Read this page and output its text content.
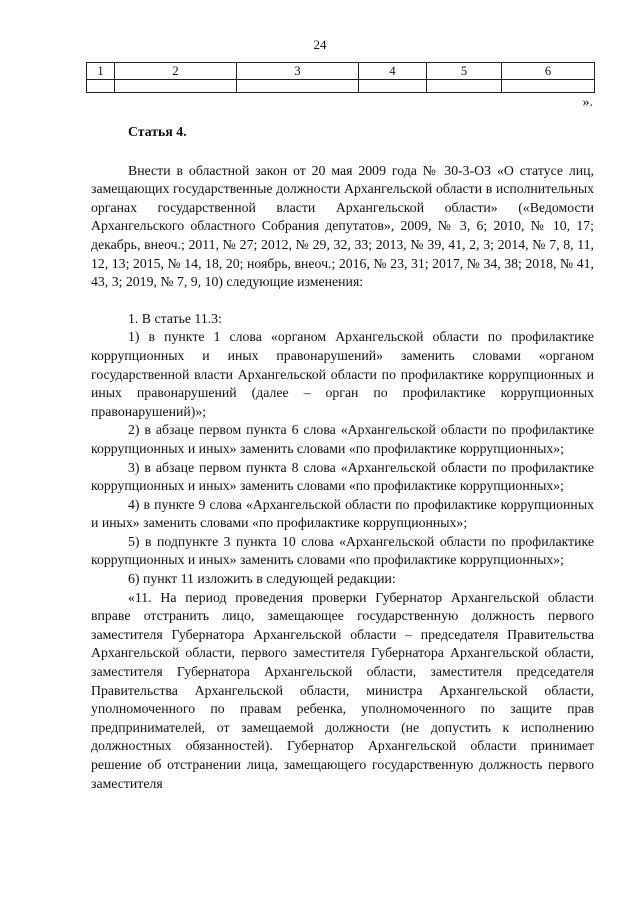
24
1	2	3	4	5	6

».

Статья 4.

Внести в областной закон от 20 мая 2009 года № 30-3-ОЗ «О статусе лиц, замещающих государственные должности Архангельской области в исполнительных органах государственной власти Архангельской области» («Ведомости Архангельского областного Собрания депутатов», 2009, № 3, 6; 2010, № 10, 17; декабрь, внеоч.; 2011, № 27; 2012, № 29, 32, 33; 2013, № 39, 41, 2, 3; 2014, № 7, 8, 11, 12, 13; 2015, № 14, 18, 20; ноябрь, внеоч.; 2016, № 23, 31; 2017, № 34, 38; 2018, № 41, 43, 3; 2019, № 7, 9, 10) следующие изменения:

1. В статье 11.3:

1) в пункте 1 слова «органом Архангельской области по профилактике коррупционных и иных правонарушений» заменить словами «органом государственной власти Архангельской области по профилактике коррупционных и иных правонарушений (далее – орган по профилактике коррупционных правонарушений)»;

2) в абзаце первом пункта 6 слова «Архангельской области по профилактике коррупционных и иных» заменить словами «по профилактике коррупционных»;

3) в абзаце первом пункта 8 слова «Архангельской области по профилактике коррупционных и иных» заменить словами «по профилактике коррупционных»;

4) в пункте 9 слова «Архангельской области по профилактике коррупционных и иных» заменить словами «по профилактике коррупционных»;

5) в подпункте 3 пункта 10 слова «Архангельской области по профилактике коррупционных и иных» заменить словами «по профилактике коррупционных»;

6) пункт 11 изложить в следующей редакции:

«11. На период проведения проверки Губернатор Архангельской области вправе отстранить лицо, замещающее государственную должность первого заместителя Губернатора Архангельской области – председателя Правительства Архангельской области, первого заместителя Губернатора Архангельской области, заместителя Губернатора Архангельской области, заместителя председателя Правительства Архангельской области, министра Архангельской области, уполномоченного по правам ребенка, уполномоченного по защите прав предпринимателей, от замещаемой должности (не допустить к исполнению должностных обязанностей). Губернатор Архангельской области принимает решение об отстранении лица, замещающего государственную должность первого заместителя
